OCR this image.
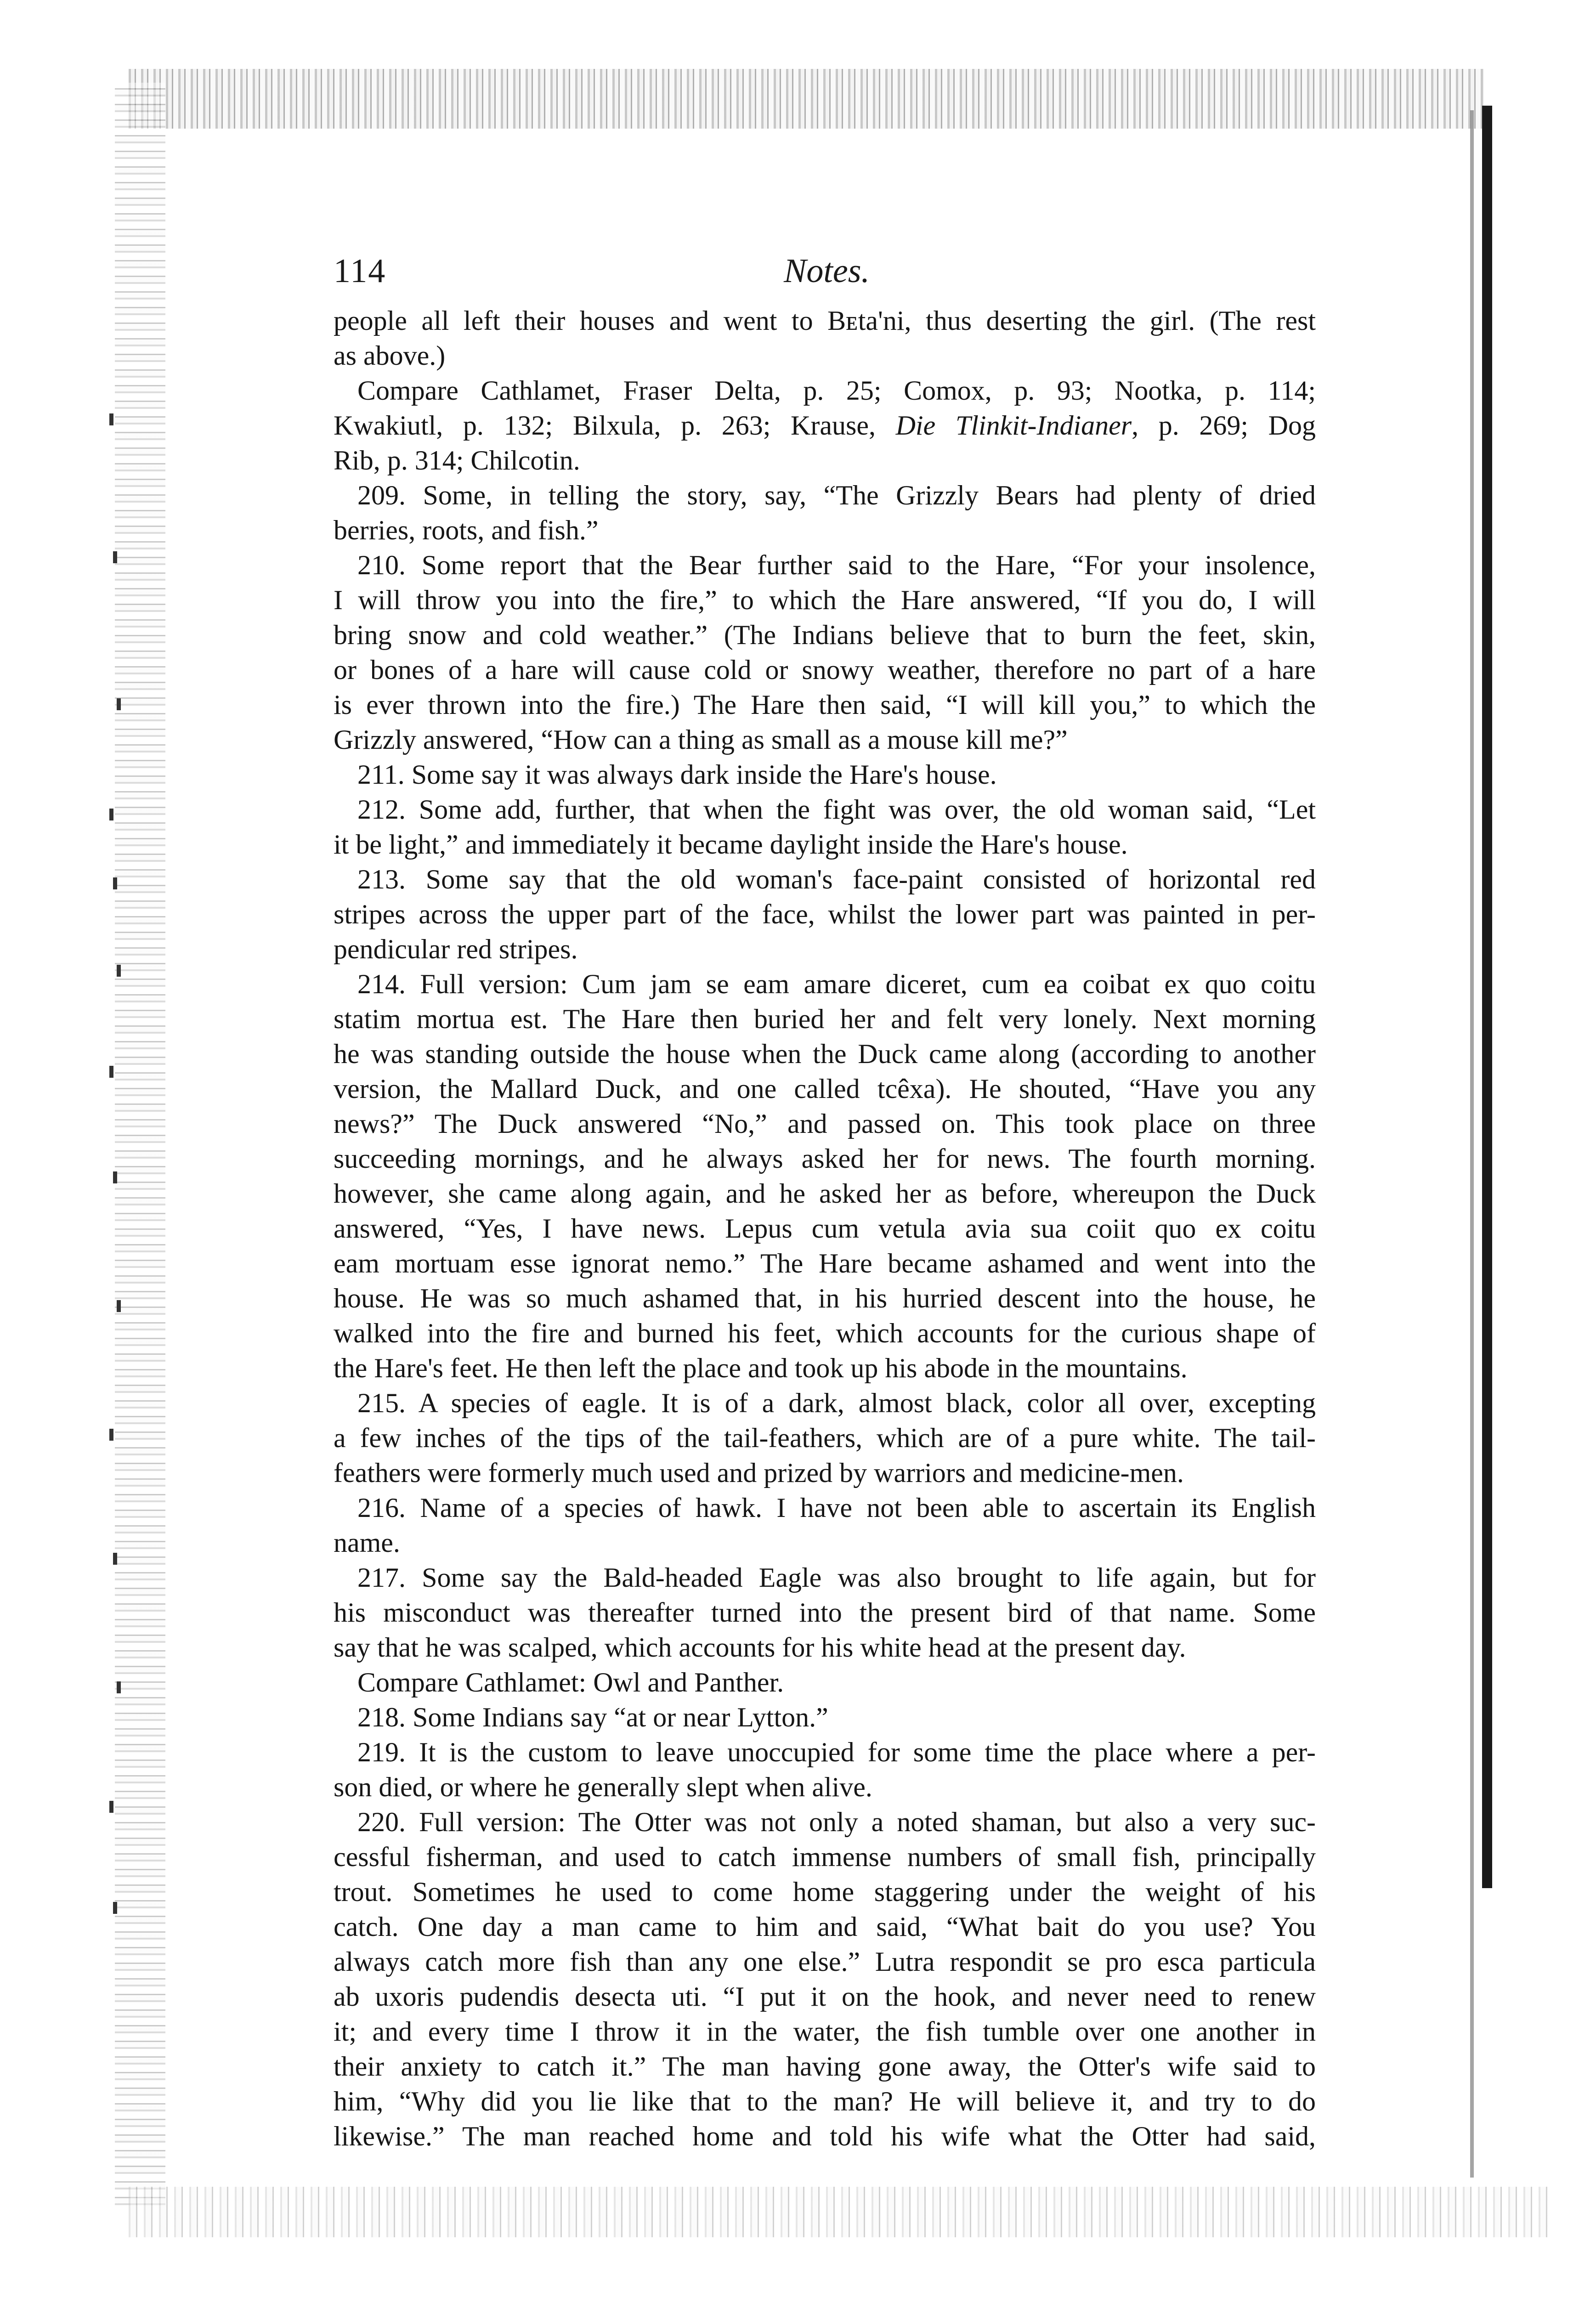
114	Notes.
people all left their houses and went to Bᴇta'ni, thus deserting the girl. (The rest
as above.)
Compare Cathlamet, Fraser Delta, p. 25; Comox, p. 93; Nootka, p. 114;
Kwakiutl, p. 132; Bilxula, p. 263; Krause, Die Tlinkit-Indianer, p. 269; Dog
Rib, p. 314; Chilcotin.
209. Some, in telling the story, say, “The Grizzly Bears had plenty of dried
berries, roots, and fish.”
210. Some report that the Bear further said to the Hare, “For your insolence,
I will throw you into the fire,” to which the Hare answered, “If you do, I will
bring snow and cold weather.” (The Indians believe that to burn the feet, skin,
or bones of a hare will cause cold or snowy weather, therefore no part of a hare
is ever thrown into the fire.) The Hare then said, “I will kill you,” to which the
Grizzly answered, “How can a thing as small as a mouse kill me?”
211. Some say it was always dark inside the Hare's house.
212. Some add, further, that when the fight was over, the old woman said, “Let
it be light,” and immediately it became daylight inside the Hare's house.
213. Some say that the old woman's face-paint consisted of horizontal red
stripes across the upper part of the face, whilst the lower part was painted in per-
pendicular red stripes.
214. Full version: Cum jam se eam amare diceret, cum ea coibat ex quo coitu
statim mortua est. The Hare then buried her and felt very lonely. Next morning
he was standing outside the house when the Duck came along (according to another
version, the Mallard Duck, and one called tcêxa). He shouted, “Have you any
news?” The Duck answered “No,” and passed on. This took place on three
succeeding mornings, and he always asked her for news. The fourth morning.
however, she came along again, and he asked her as before, whereupon the Duck
answered, “Yes, I have news. Lepus cum vetula avia sua coiit quo ex coitu
eam mortuam esse ignorat nemo.” The Hare became ashamed and went into the
house. He was so much ashamed that, in his hurried descent into the house, he
walked into the fire and burned his feet, which accounts for the curious shape of
the Hare's feet. He then left the place and took up his abode in the mountains.
215. A species of eagle. It is of a dark, almost black, color all over, excepting
a few inches of the tips of the tail-feathers, which are of a pure white. The tail-
feathers were formerly much used and prized by warriors and medicine-men.
216. Name of a species of hawk. I have not been able to ascertain its English
name.
217. Some say the Bald-headed Eagle was also brought to life again, but for
his misconduct was thereafter turned into the present bird of that name. Some
say that he was scalped, which accounts for his white head at the present day.
Compare Cathlamet: Owl and Panther.
218. Some Indians say “at or near Lytton.”
219. It is the custom to leave unoccupied for some time the place where a per-
son died, or where he generally slept when alive.
220. Full version: The Otter was not only a noted shaman, but also a very suc-
cessful fisherman, and used to catch immense numbers of small fish, principally
trout. Sometimes he used to come home staggering under the weight of his
catch. One day a man came to him and said, “What bait do you use? You
always catch more fish than any one else.” Lutra respondit se pro esca particula
ab uxoris pudendis desecta uti. “I put it on the hook, and never need to renew
it; and every time I throw it in the water, the fish tumble over one another in
their anxiety to catch it.” The man having gone away, the Otter's wife said to
him, “Why did you lie like that to the man? He will believe it, and try to do
likewise.” The man reached home and told his wife what the Otter had said,
